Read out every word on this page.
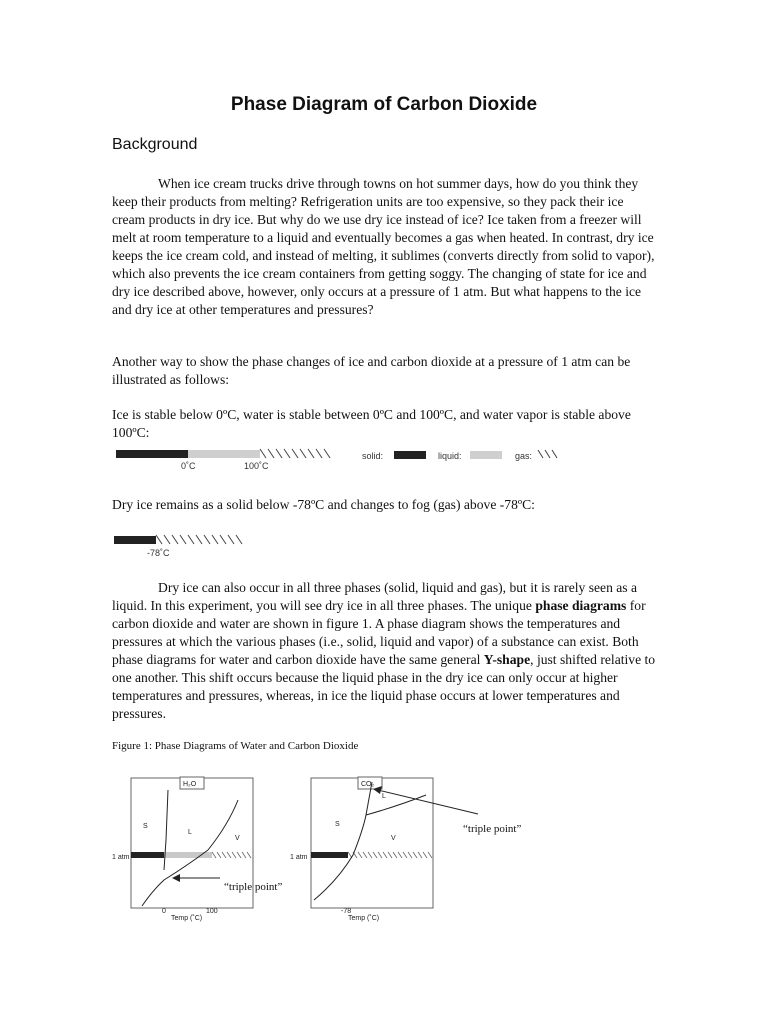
Phase Diagram of Carbon Dioxide
Background
When ice cream trucks drive through towns on hot summer days, how do you think they keep their products from melting? Refrigeration units are too expensive, so they pack their ice cream products in dry ice. But why do we use dry ice instead of ice? Ice taken from a freezer will melt at room temperature to a liquid and eventually becomes a gas when heated. In contrast, dry ice keeps the ice cream cold, and instead of melting, it sublimes (converts directly from solid to vapor), which also prevents the ice cream containers from getting soggy. The changing of state for ice and dry ice described above, however, only occurs at a pressure of 1 atm. But what happens to the ice and dry ice at other temperatures and pressures?
Another way to show the phase changes of ice and carbon dioxide at a pressure of 1 atm can be illustrated as follows:
Ice is stable below 0ºC, water is stable between 0ºC and 100ºC, and water vapor is stable above 100ºC:
0˚C	100˚C
solid:	liquid:	gas:
Dry ice remains as a solid below -78ºC and changes to fog (gas) above -78ºC:
-78˚C
Dry ice can also occur in all three phases (solid, liquid and gas), but it is rarely seen as a liquid. In this experiment, you will see dry ice in all three phases. The unique phase diagrams for carbon dioxide and water are shown in figure 1. A phase diagram shows the temperatures and pressures at which the various phases (i.e., solid, liquid and vapor) of a substance can exist. Both phase diagrams for water and carbon dioxide have the same general Y-shape, just shifted relative to one another. This shift occurs because the liquid phase in the dry ice can only occur at higher temperatures and pressures, whereas, in ice the liquid phase occurs at lower temperatures and pressures.
Figure 1: Phase Diagrams of Water and Carbon Dioxide
H₂O
S
L
V
1 atm
0	100
Temp (˚C)
“triple point”
CO₂
S
L
V
1 atm
-78
Temp (˚C)
“triple point”
